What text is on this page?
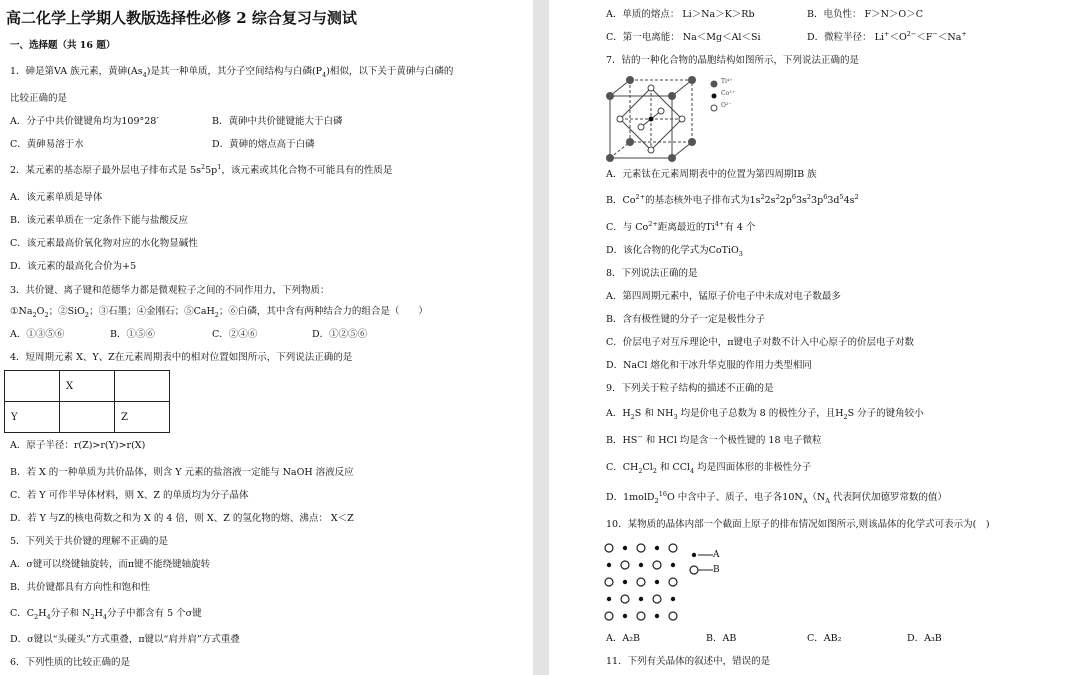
高二化学上学期人教版选择性必修 2 综合复习与测试
一、选择题（共 16 题）
1．砷是第VA 族元素，黄砷$(As_4)$是其一种单质，其分子空间结构与白磷$(P_4)$相似，以下关于黄砷与白磷的
比较正确的是
A．分子中共价键键角均为109°28′	B．黄砷中共价键键能大于白磷
C．黄砷易溶于水	D．黄砷的熔点高于白磷
2．某元素的基态原子最外层电子排布式是 $5s^25p^1$，该元素或其化合物不可能具有的性质是
A．该元素单质是导体
B．该元素单质在一定条件下能与盐酸反应
C．该元素最高价氧化物对应的水化物显碱性
D．该元素的最高化合价为+5
3．共价键、离子键和范德华力都是微观粒子之间的不同作用力，下列物质：
$①Na_2O_2$；②SiO$_2$；③石墨；④金刚石；⑤CaH$_2$；⑥白磷，其中含有两种结合力的组合是（　　）
A．①③⑤⑥	B．①⑤⑥	C．②④⑥	D．①②⑤⑥
4．短周期元素 X、Y、Z在元素周期表中的相对位置如图所示，下列说法正确的是
	X	
Y		Z
A．原子半径：r(Z)>r(Y)>r(X)
B．若 X 的一种单质为共价晶体，则含 Y 元素的盐溶液一定能与 NaOH 溶液反应
C．若 Y 可作半导体材料，则 X、Z 的单质均为分子晶体
D．若 Y 与Z的核电荷数之和为 X 的 4 倍，则 X、Z 的氢化物的熔、沸点： X＜Z
5．下列关于共价键的理解不正确的是
A．σ键可以绕键轴旋转，而π键不能绕键轴旋转
B．共价键都具有方向性和饱和性
C．$C_2H_4$分子和 $N_2H_4$分子中都含有 5 个σ键
D．σ键以“头碰头”方式重叠，π键以“肩并肩”方式重叠
6．下列性质的比较正确的是
A．单质的熔点： Li＞Na＞K＞Rb	B．电负性： F＞N＞O＞C
C．第一电离能： Na＜Mg＜Al＜Si	D．微粒半径： $Li^+<O^{2-}<F^-<Na^+$
7．钴的一种化合物的晶胞结构如图所示，下列说法正确的是
Ti⁴⁺
Co²⁺
O²⁻
A．元素钛在元素周期表中的位置为第四周期IB 族
B．$Co^{2+}$的基态核外电子排布式为$1s^22s^22p^63s^23p^63d^54s^2$
C．与 $Co^{2+}$距离最近的$Ti^{4+}$有 4 个
D．该化合物的化学式为CoTiO$_3$
8．下列说法正确的是
A．第四周期元素中，锰原子价电子中未成对电子数最多
B．含有极性键的分子一定是极性分子
C．价层电子对互斥理论中，π键电子对数不计入中心原子的价层电子对数
D．NaCl 熔化和干冰升华克服的作用力类型相同
9．下列关于粒子结构的描述不正确的是
A．$H_2S$ 和 $NH_3$ 均是价电子总数为 8 的极性分子，且$H_2S$ 分子的键角较小
B．HS− 和 HCl 均是含一个极性键的 18 电子微粒
C．$CH_2Cl_2$ 和 CCl$_4$ 均是四面体形的非极性分子
D．1molD$_2^{16}$O 中含中子、质子、电子各$10N_A(N_A$ 代表阿伏加德罗常数的值）
10．某物质的晶体内部一个截面上原子的排布情况如图所示,则该晶体的化学式可表示为(　)
A
B
A．A₂B	B．AB	C．AB₂	D．A₃B
11．下列有关晶体的叙述中，错误的是
